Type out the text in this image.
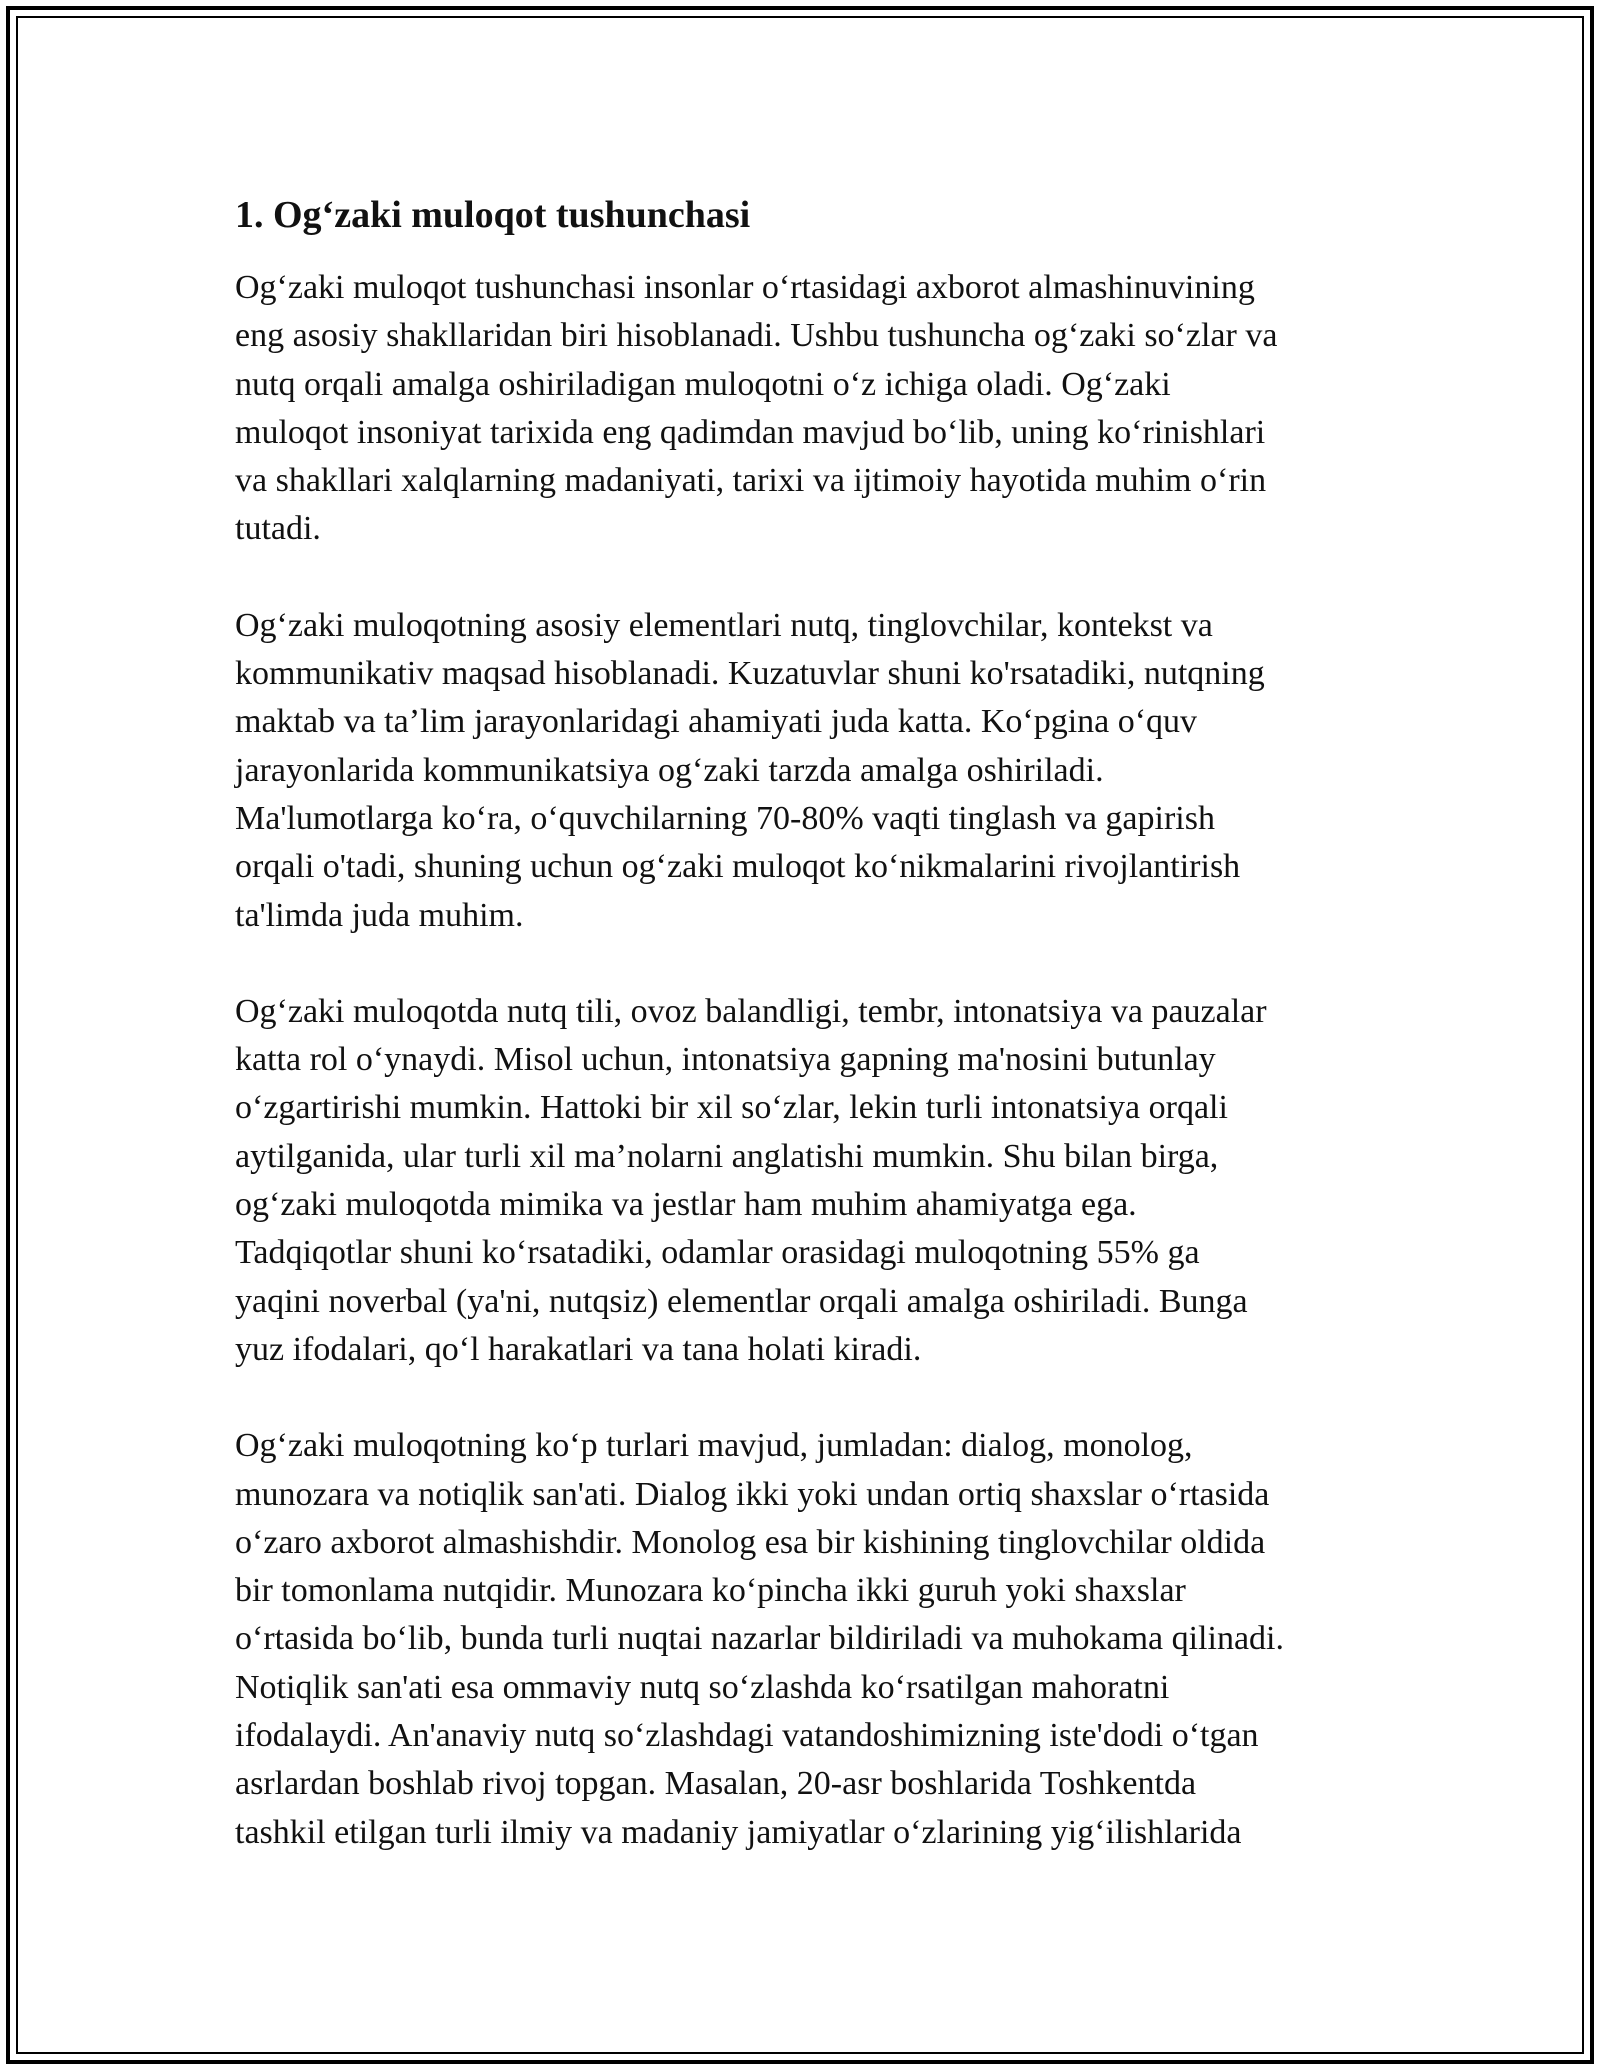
1. Og‘zaki muloqot tushunchasi

Og‘zaki muloqot tushunchasi insonlar o‘rtasidagi axborot almashinuvining
eng asosiy shakllaridan biri hisoblanadi. Ushbu tushuncha og‘zaki so‘zlar va
nutq orqali amalga oshiriladigan muloqotni o‘z ichiga oladi. Og‘zaki
muloqot insoniyat tarixida eng qadimdan mavjud bo‘lib, uning ko‘rinishlari
va shakllari xalqlarning madaniyati, tarixi va ijtimoiy hayotida muhim o‘rin
tutadi.

Og‘zaki muloqotning asosiy elementlari nutq, tinglovchilar, kontekst va
kommunikativ maqsad hisoblanadi. Kuzatuvlar shuni ko'rsatadiki, nutqning
maktab va ta’lim jarayonlaridagi ahamiyati juda katta. Ko‘pgina o‘quv
jarayonlarida kommunikatsiya og‘zaki tarzda amalga oshiriladi.
Ma'lumotlarga ko‘ra, o‘quvchilarning 70-80% vaqti tinglash va gapirish
orqali o'tadi, shuning uchun og‘zaki muloqot ko‘nikmalarini rivojlantirish
ta'limda juda muhim.

Og‘zaki muloqotda nutq tili, ovoz balandligi, tembr, intonatsiya va pauzalar
katta rol o‘ynaydi. Misol uchun, intonatsiya gapning ma'nosini butunlay
o‘zgartirishi mumkin. Hattoki bir xil so‘zlar, lekin turli intonatsiya orqali
aytilganida, ular turli xil ma’nolarni anglatishi mumkin. Shu bilan birga,
og‘zaki muloqotda mimika va jestlar ham muhim ahamiyatga ega.
Tadqiqotlar shuni ko‘rsatadiki, odamlar orasidagi muloqotning 55% ga
yaqini noverbal (ya'ni, nutqsiz) elementlar orqali amalga oshiriladi. Bunga
yuz ifodalari, qo‘l harakatlari va tana holati kiradi.

Og‘zaki muloqotning ko‘p turlari mavjud, jumladan: dialog, monolog,
munozara va notiqlik san'ati. Dialog ikki yoki undan ortiq shaxslar o‘rtasida
o‘zaro axborot almashishdir. Monolog esa bir kishining tinglovchilar oldida
bir tomonlama nutqidir. Munozara ko‘pincha ikki guruh yoki shaxslar
o‘rtasida bo‘lib, bunda turli nuqtai nazarlar bildiriladi va muhokama qilinadi.
Notiqlik san'ati esa ommaviy nutq so‘zlashda ko‘rsatilgan mahoratni
ifodalaydi. An'anaviy nutq so‘zlashdagi vatandoshimizning iste'dodi o‘tgan
asrlardan boshlab rivoj topgan. Masalan, 20-asr boshlarida Toshkentda
tashkil etilgan turli ilmiy va madaniy jamiyatlar o‘zlarining yig‘ilishlarida
